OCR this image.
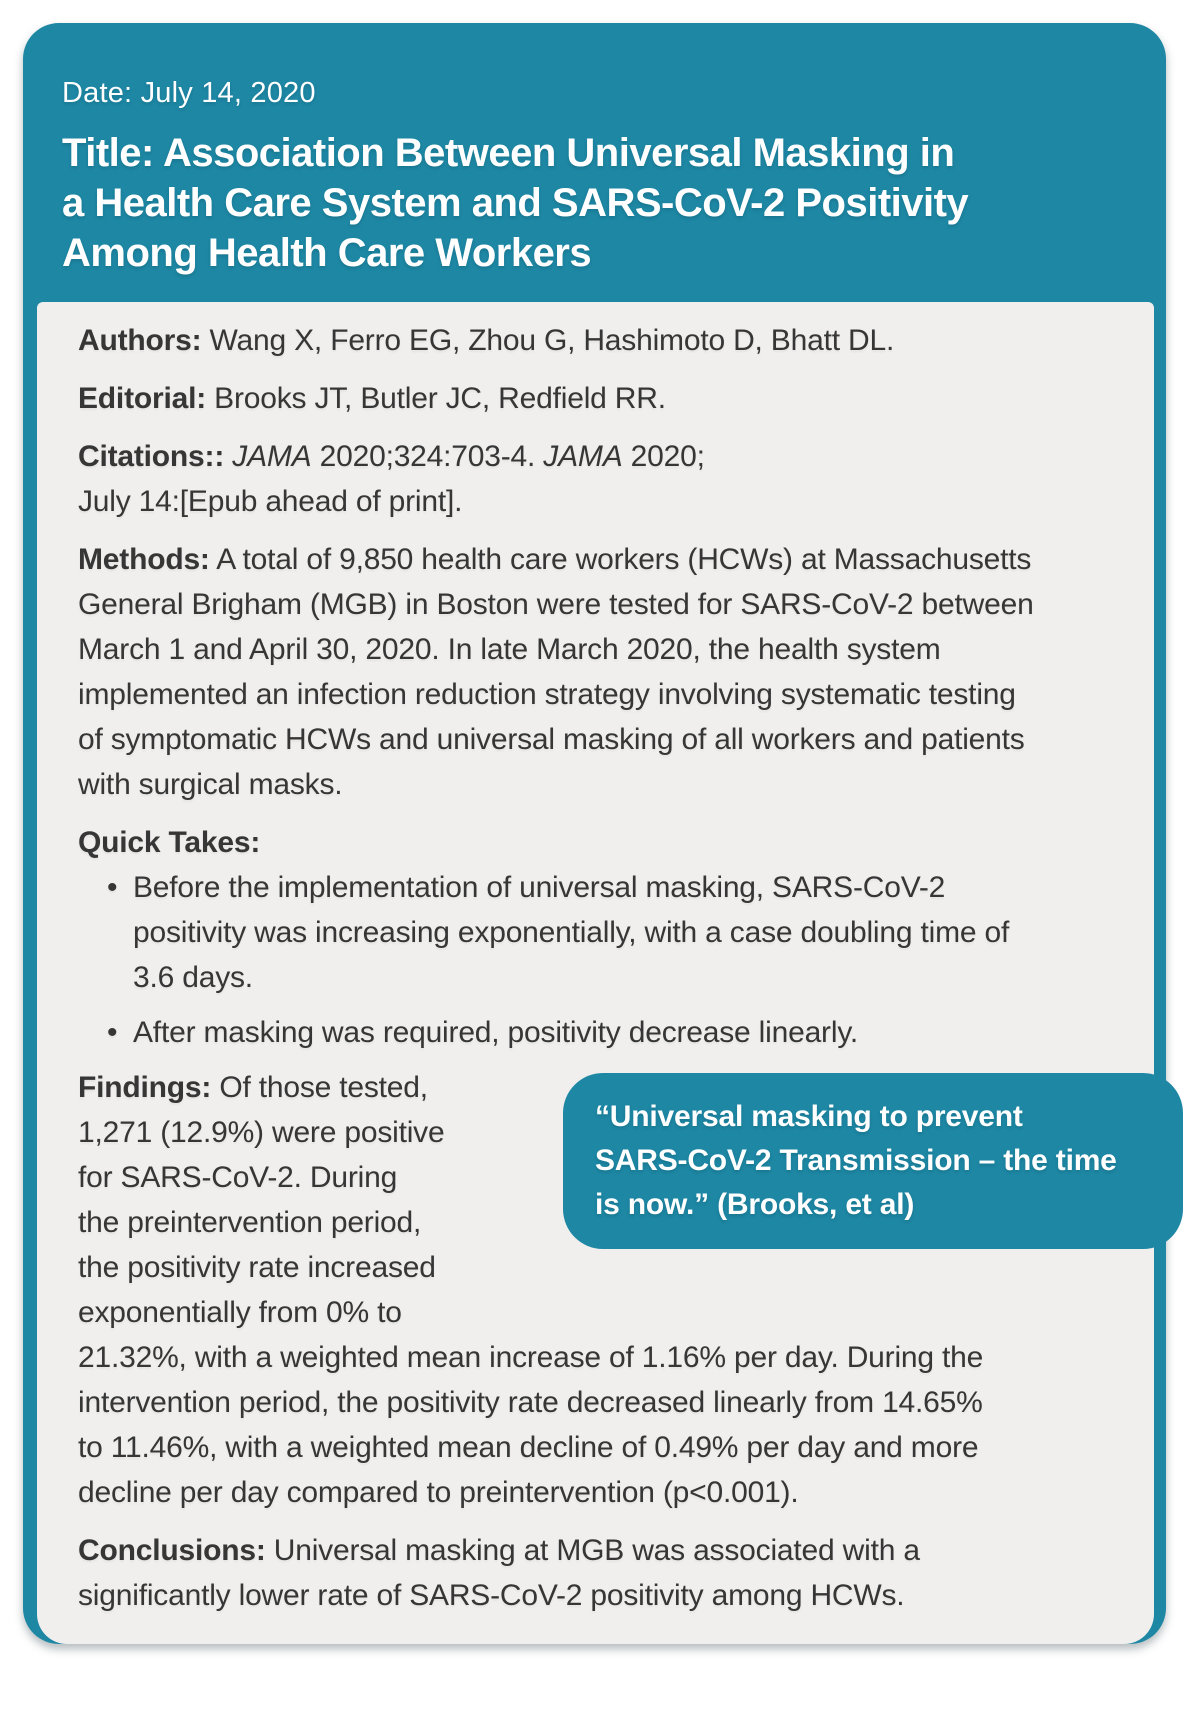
Date: July 14, 2020

Title: Association Between Universal Masking in
a Health Care System and SARS-CoV-2 Positivity
Among Health Care Workers

Authors: Wang X, Ferro EG, Zhou G, Hashimoto D, Bhatt DL.

Editorial: Brooks JT, Butler JC, Redfield RR.

Citations:: JAMA 2020;324:703-4. JAMA 2020;
July 14:[Epub ahead of print].

Methods: A total of 9,850 health care workers (HCWs) at Massachusetts
General Brigham (MGB) in Boston were tested for SARS-CoV-2 between
March 1 and April 30, 2020. In late March 2020, the health system
implemented an infection reduction strategy involving systematic testing
of symptomatic HCWs and universal masking of all workers and patients
with surgical masks.

Quick Takes:

• Before the implementation of universal masking, SARS-CoV-2
positivity was increasing exponentially, with a case doubling time of
3.6 days.
• After masking was required, positivity decrease linearly.
“Universal masking to prevent
SARS-CoV-2 Transmission – the time
is now.” (Brooks, et al)
Findings: Of those tested,
1,271 (12.9%) were positive
for SARS-CoV-2. During
the preintervention period,
the positivity rate increased
exponentially from 0% to
21.32%, with a weighted mean increase of 1.16% per day. During the
intervention period, the positivity rate decreased linearly from 14.65%
to 11.46%, with a weighted mean decline of 0.49% per day and more
decline per day compared to preintervention (p<0.001).

Conclusions: Universal masking at MGB was associated with a
significantly lower rate of SARS-CoV-2 positivity among HCWs.
